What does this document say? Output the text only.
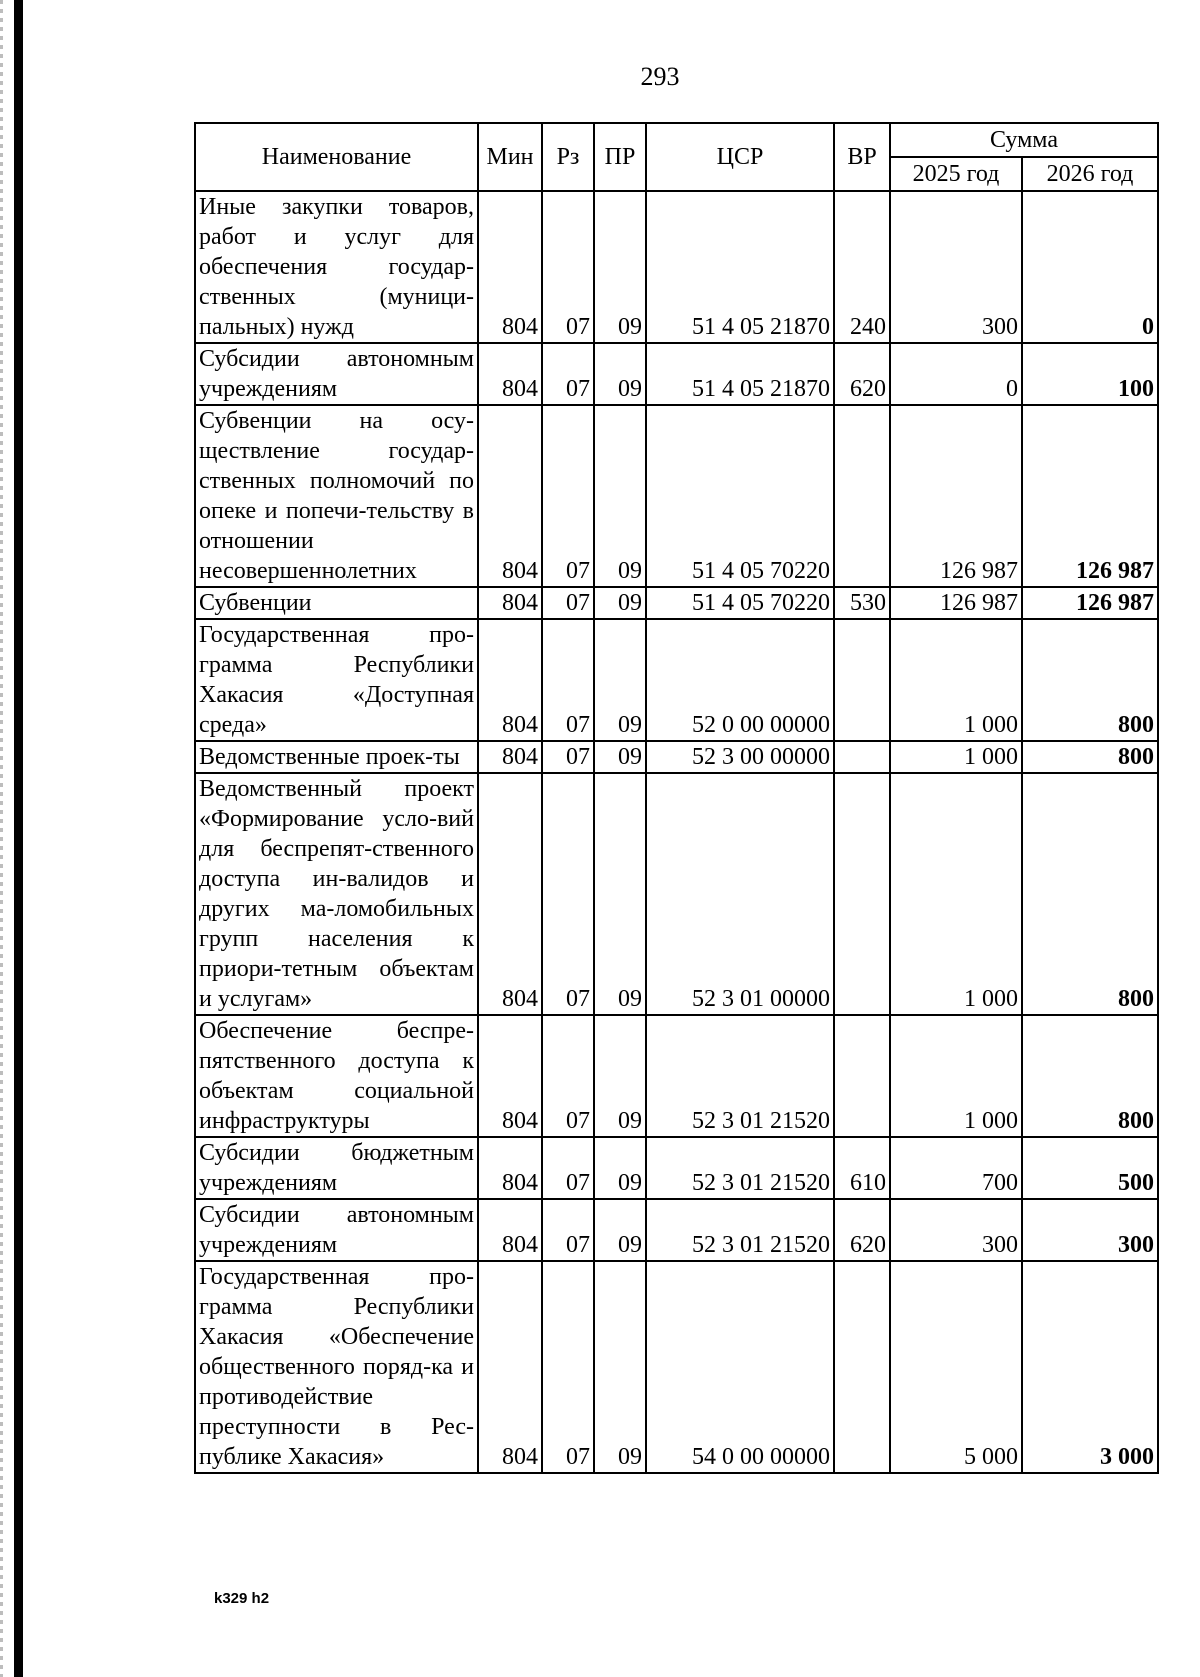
293
Наименование	Мин	Рз	ПР	ЦСР	ВР	Сумма	
						2025 год	2026 год
Иные закупки товаров, работ и услуг для обеспечения государ-ственных (муници-пальных) нужд	804	07	09	51 4 05 21870	240	300	0
Субсидии автономным учреждениям	804	07	09	51 4 05 21870	620	0	100
Субвенции на осу-ществление государ-ственных полномочий по опеке и попечи-тельству в отношении несовершеннолетних	804	07	09	51 4 05 70220		126 987	126 987
Субвенции	804	07	09	51 4 05 70220	530	126 987	126 987
Государственная про-грамма Республики Хакасия «Доступная среда»	804	07	09	52 0 00 00000		1 000	800
Ведомственные проек-ты	804	07	09	52 3 00 00000		1 000	800
Ведомственный проект «Формирование усло-вий для беспрепят-ственного доступа ин-валидов и других ма-ломобильных групп населения к приори-тетным объектам и услугам»	804	07	09	52 3 01 00000		1 000	800
Обеспечение беспре-пятственного доступа к объектам социальной инфраструктуры	804	07	09	52 3 01 21520		1 000	800
Субсидии бюджетным учреждениям	804	07	09	52 3 01 21520	610	700	500
Субсидии автономным учреждениям	804	07	09	52 3 01 21520	620	300	300
Государственная про-грамма Республики Хакасия «Обеспечение общественного поряд-ка и противодействие преступности в Рес-публике Хакасия»	804	07	09	54 0 00 00000		5 000	3 000
k329 h2
